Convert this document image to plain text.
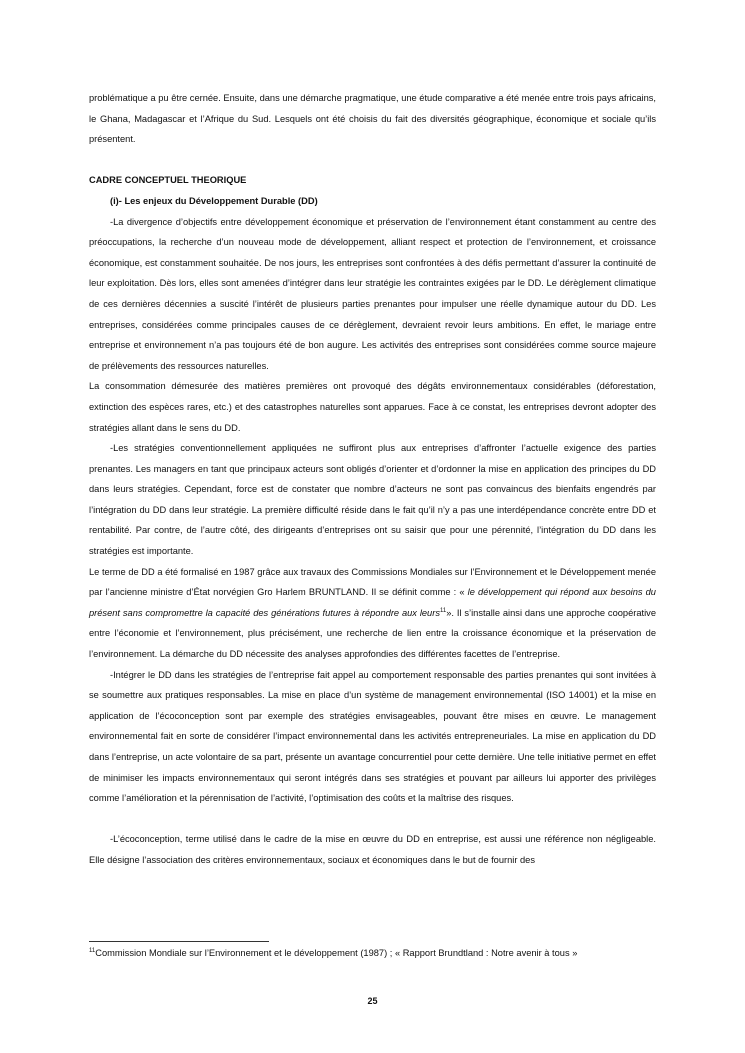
problématique a pu être cernée. Ensuite, dans une démarche pragmatique, une étude comparative a été menée entre trois pays africains, le Ghana, Madagascar et l’Afrique du Sud. Lesquels ont été choisis du fait des diversités géographique, économique et sociale qu’ils présentent.

CADRE CONCEPTUEL THEORIQUE

(i)- Les enjeux du Développement Durable (DD)

-La divergence d’objectifs entre développement économique et préservation de l’environnement étant constamment au centre des préoccupations, la recherche d’un nouveau mode de développement, alliant respect et protection de l’environnement, et croissance économique, est constamment souhaitée. De nos jours, les entreprises sont confrontées à des défis permettant d’assurer la continuité de leur exploitation. Dès lors, elles sont amenées d’intégrer dans leur stratégie les contraintes exigées par le DD. Le dérèglement climatique de ces dernières décennies a suscité l’intérêt de plusieurs parties prenantes pour impulser une réelle dynamique autour du DD. Les entreprises, considérées comme principales causes de ce dérèglement, devraient revoir leurs ambitions. En effet, le mariage entre entreprise et environnement n’a pas toujours été de bon augure. Les activités des entreprises sont considérées comme source majeure de prélèvements des ressources naturelles.

La consommation démesurée des matières premières ont provoqué des dégâts environnementaux considérables (déforestation, extinction des espèces rares, etc.) et des catastrophes naturelles sont apparues. Face à ce constat, les entreprises devront adopter des stratégies allant dans le sens du DD.

-Les stratégies conventionnellement appliquées ne suffiront plus aux entreprises d’affronter l’actuelle exigence des parties prenantes. Les managers en tant que principaux acteurs sont obligés d’orienter et d’ordonner la mise en application des principes du DD dans leurs stratégies. Cependant, force est de constater que nombre d’acteurs ne sont pas convaincus des bienfaits engendrés par l’intégration du DD dans leur stratégie. La première difficulté réside dans le fait qu’il n’y a pas une interdépendance concrète entre DD et rentabilité. Par contre, de l’autre côté, des dirigeants d’entreprises ont su saisir que pour une pérennité, l’intégration du DD dans les stratégies est importante.

Le terme de DD a été formalisé en 1987 grâce aux travaux des Commissions Mondiales sur l’Environnement et le Développement menée par l’ancienne ministre d’État norvégien Gro Harlem BRUNTLAND. Il se définit comme : « le développement qui répond aux besoins du présent sans compromettre la capacité des générations futures à répondre aux leurs$^{11}$». Il s’installe ainsi dans une approche coopérative entre l’économie et l’environnement, plus précisément, une recherche de lien entre la croissance économique et la préservation de l’environnement. La démarche du DD nécessite des analyses approfondies des différentes facettes de l’entreprise.

-Intégrer le DD dans les stratégies de l’entreprise fait appel au comportement responsable des parties prenantes qui sont invitées à se soumettre aux pratiques responsables. La mise en place d’un système de management environnemental (ISO 14001) et la mise en application de l’écoconception sont par exemple des stratégies envisageables, pouvant être mises en œuvre. Le management environnemental fait en sorte de considérer l’impact environnemental dans les activités entrepreneuriales. La mise en application du DD dans l’entreprise, un acte volontaire de sa part, présente un avantage concurrentiel pour cette dernière. Une telle initiative permet en effet de minimiser les impacts environnementaux qui seront intégrés dans ses stratégies et pouvant par ailleurs lui apporter des privilèges comme l’amélioration et la pérennisation de l’activité, l’optimisation des coûts et la maîtrise des risques.

-L’écoconception, terme utilisé dans le cadre de la mise en œuvre du DD en entreprise, est aussi une référence non négligeable. Elle désigne l’association des critères environnementaux, sociaux et économiques dans le but de fournir des

$^{11}$Commission Mondiale sur l’Environnement et le développement (1987) ; « Rapport Brundtland : Notre avenir à tous »

25
